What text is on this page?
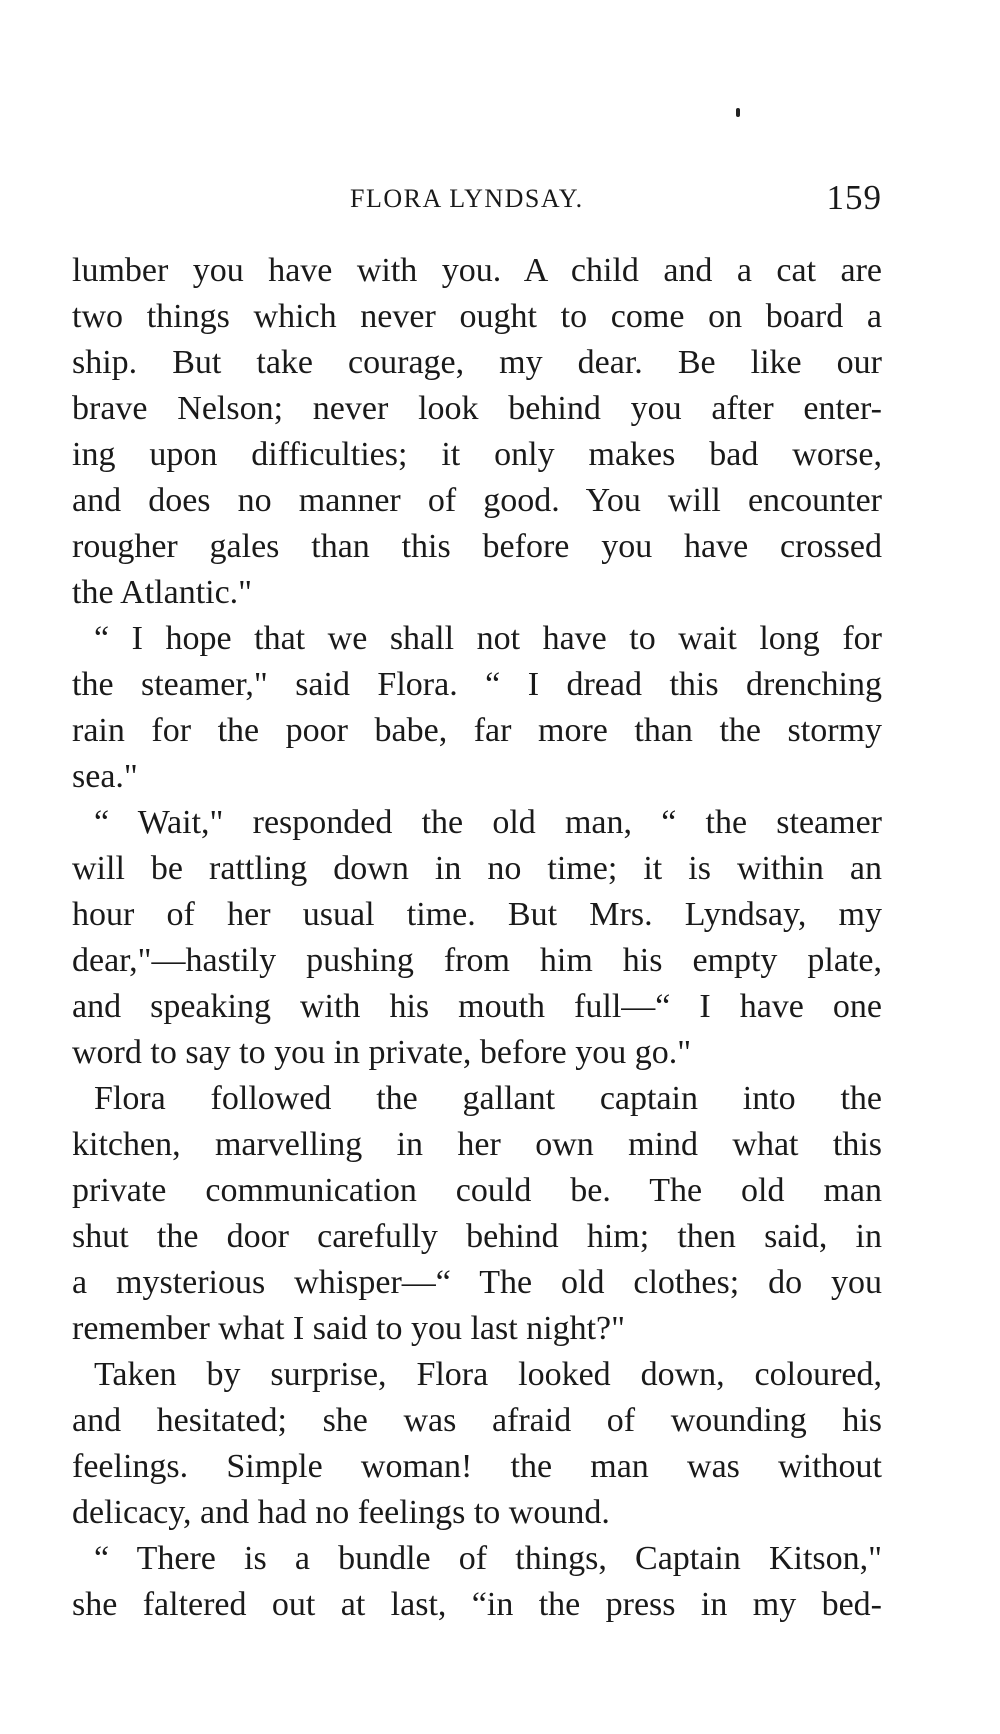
FLORA LYNDSAY.	159
lumber you have with you. A child and a cat are
two things which never ought to come on board a
ship. But take courage, my dear. Be like our
brave Nelson; never look behind you after enter-
ing upon difficulties; it only makes bad worse,
and does no manner of good. You will encounter
rougher gales than this before you have crossed
the Atlantic."
“ I hope that we shall not have to wait long for
the steamer," said Flora. “ I dread this drenching
rain for the poor babe, far more than the stormy
sea."
“ Wait," responded the old man, “ the steamer
will be rattling down in no time; it is within an
hour of her usual time. But Mrs. Lyndsay, my
dear,"—hastily pushing from him his empty plate,
and speaking with his mouth full—“ I have one
word to say to you in private, before you go."
Flora followed the gallant captain into the
kitchen, marvelling in her own mind what this
private communication could be. The old man
shut the door carefully behind him; then said, in
a mysterious whisper—“ The old clothes; do you
remember what I said to you last night?"
Taken by surprise, Flora looked down, coloured,
and hesitated; she was afraid of wounding his
feelings. Simple woman! the man was without
delicacy, and had no feelings to wound.
“ There is a bundle of things, Captain Kitson,"
she faltered out at last, “in the press in my bed-
